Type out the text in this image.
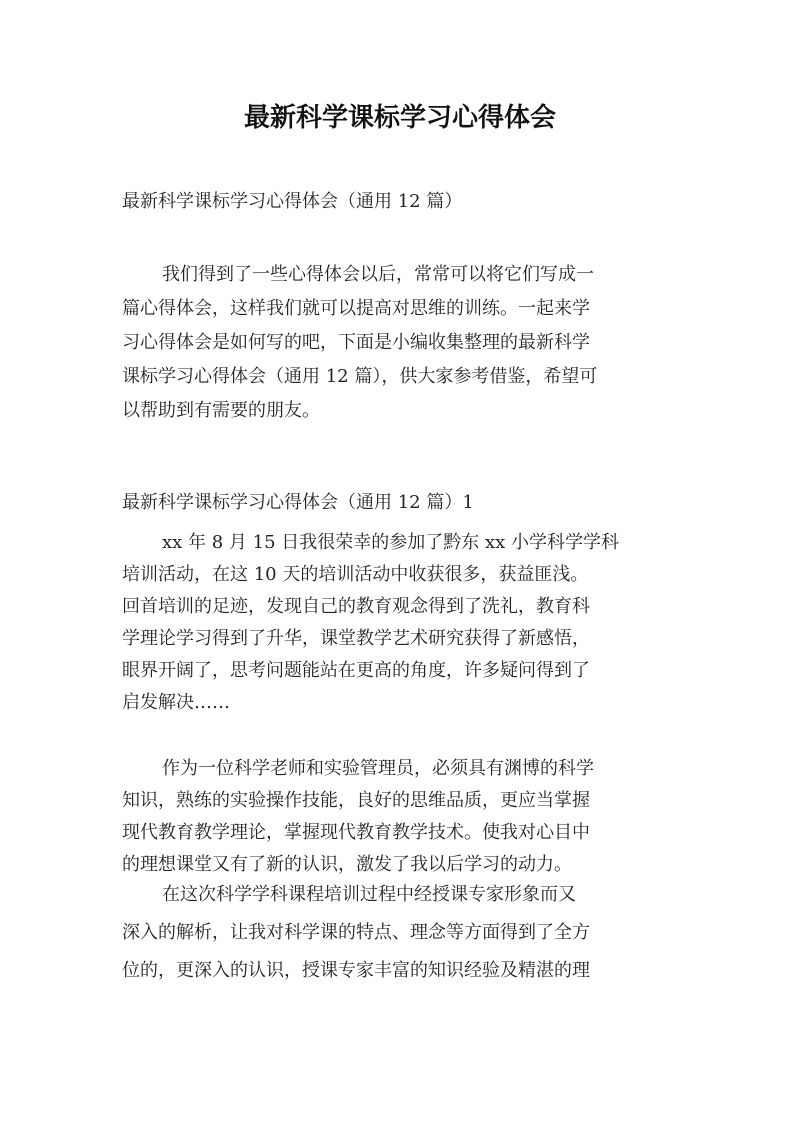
最新科学课标学习心得体会

最新科学课标学习心得体会（通用 12 篇）

我们得到了一些心得体会以后，常常可以将它们写成一
篇心得体会，这样我们就可以提高对思维的训练。一起来学
习心得体会是如何写的吧，下面是小编收集整理的最新科学
课标学习心得体会（通用 12 篇），供大家参考借鉴，希望可
以帮助到有需要的朋友。

最新科学课标学习心得体会（通用 12 篇）1

xx 年 8 月 15 日我很荣幸的参加了黔东 xx 小学科学学科
培训活动，在这 10 天的培训活动中收获很多，获益匪浅。
回首培训的足迹，发现自己的教育观念得到了洗礼，教育科
学理论学习得到了升华，课堂教学艺术研究获得了新感悟，
眼界开阔了，思考问题能站在更高的角度，许多疑问得到了
启发解决……
作为一位科学老师和实验管理员，必须具有渊博的科学
知识，熟练的实验操作技能，良好的思维品质，更应当掌握
现代教育教学理论，掌握现代教育教学技术。使我对心目中
的理想课堂又有了新的认识，激发了我以后学习的动力。
在这次科学学科课程培训过程中经授课专家形象而又
深入的解析，让我对科学课的特点、理念等方面得到了全方
位的，更深入的认识，授课专家丰富的知识经验及精湛的理
